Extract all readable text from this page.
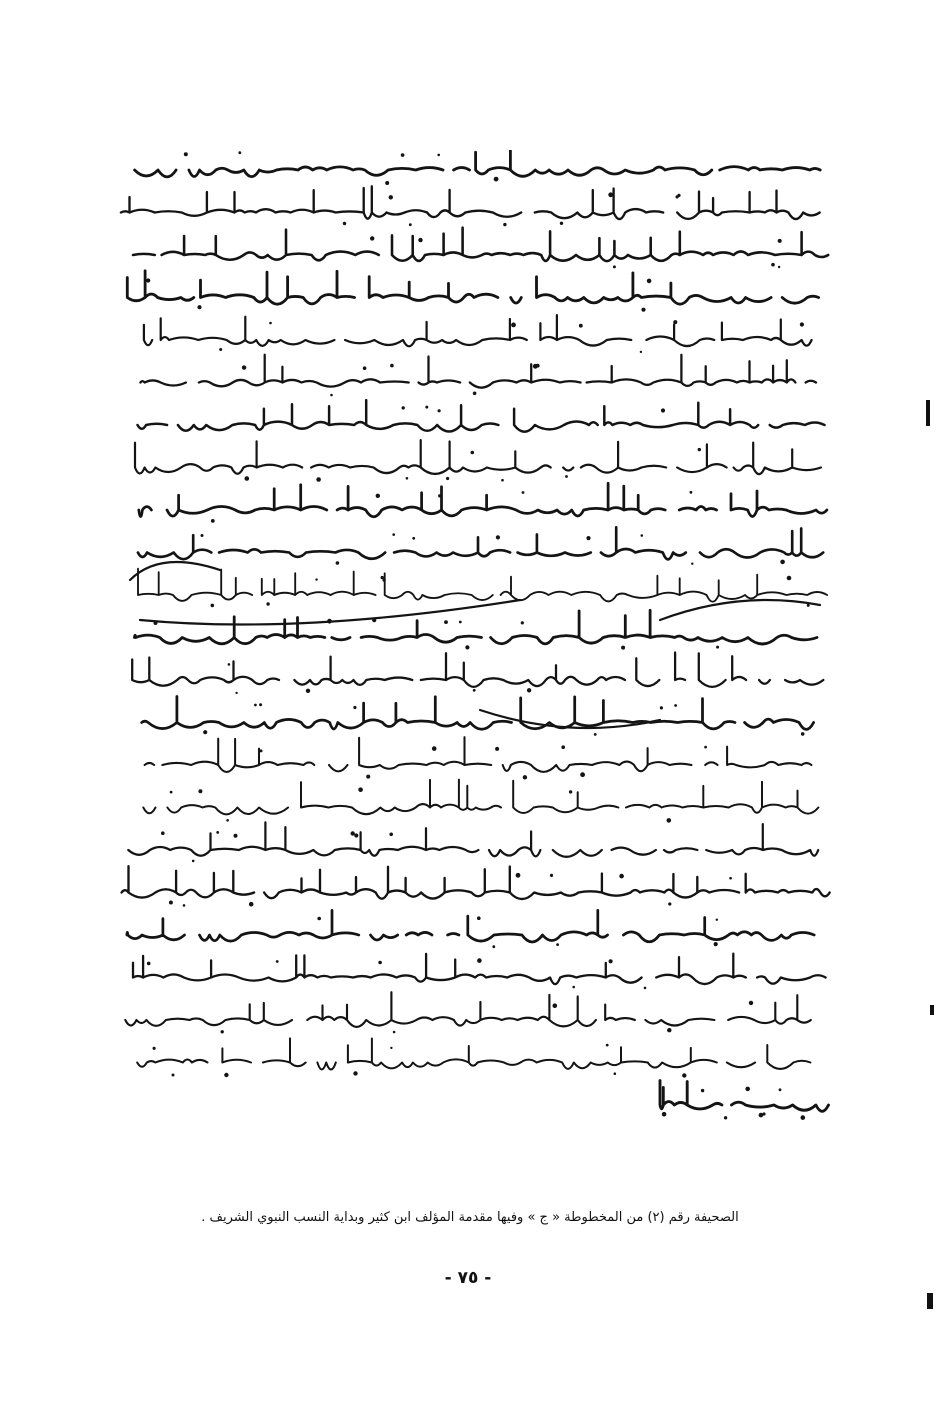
الصحيفة رقم (٢) من المخطوطة « ج » وفيها مقدمة المؤلف ابن كثير وبداية النسب النبوي الشريف .
- ٧٥ -
